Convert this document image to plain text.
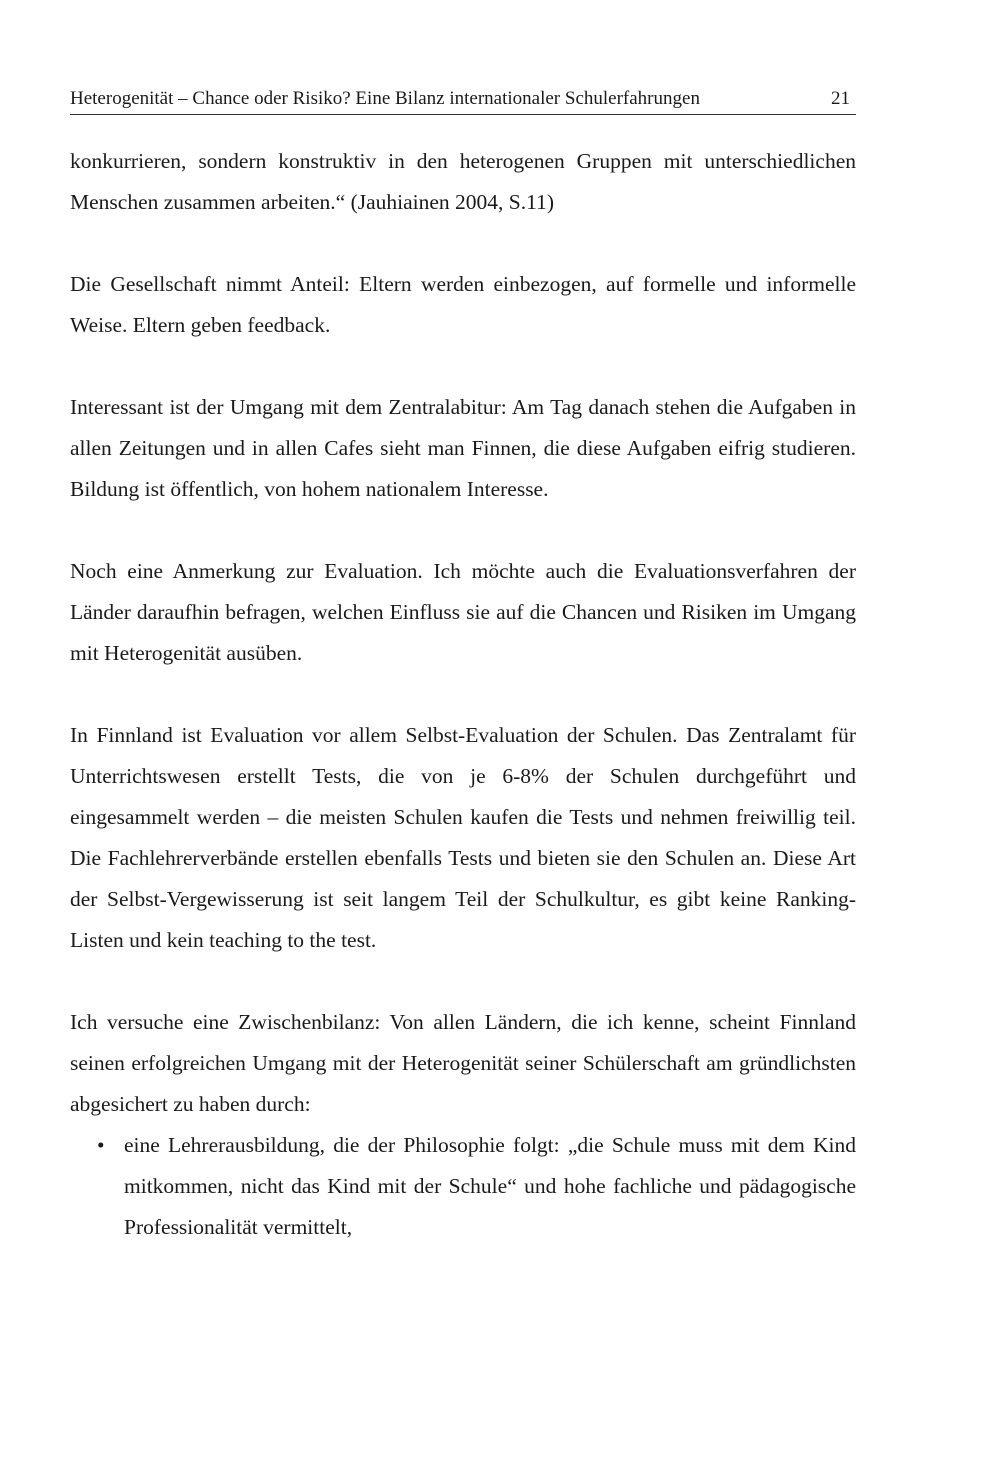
Heterogenität – Chance oder Risiko? Eine Bilanz internationaler Schulerfahrungen	21

konkurrieren, sondern konstruktiv in den heterogenen Gruppen mit unterschiedlichen Menschen zusammen arbeiten.“ (Jauhiainen 2004, S.11)

Die Gesellschaft nimmt Anteil: Eltern werden einbezogen, auf formelle und informelle Weise. Eltern geben feedback.

Interessant ist der Umgang mit dem Zentralabitur: Am Tag danach stehen die Aufgaben in allen Zeitungen und in allen Cafes sieht man Finnen, die diese Aufgaben eifrig studieren. Bildung ist öffentlich, von hohem nationalem Interesse.

Noch eine Anmerkung zur Evaluation. Ich möchte auch die Evaluationsverfahren der Länder daraufhin befragen, welchen Einfluss sie auf die Chancen und Risiken im Umgang mit Heterogenität ausüben.

In Finnland ist Evaluation vor allem Selbst-Evaluation der Schulen. Das Zentralamt für Unterrichtswesen erstellt Tests, die von je 6-8% der Schulen durchgeführt und eingesammelt werden – die meisten Schulen kaufen die Tests und nehmen freiwillig teil. Die Fachlehrerverbände erstellen ebenfalls Tests und bieten sie den Schulen an. Diese Art der Selbst-Vergewisserung ist seit langem Teil der Schulkultur, es gibt keine Ranking-Listen und kein teaching to the test.

Ich versuche eine Zwischenbilanz: Von allen Ländern, die ich kenne, scheint Finnland seinen erfolgreichen Umgang mit der Heterogenität seiner Schülerschaft am gründlichsten abgesichert zu haben durch:

• eine Lehrerausbildung, die der Philosophie folgt: „die Schule muss mit dem Kind mitkommen, nicht das Kind mit der Schule“ und hohe fachliche und pädagogische Professionalität vermittelt,
